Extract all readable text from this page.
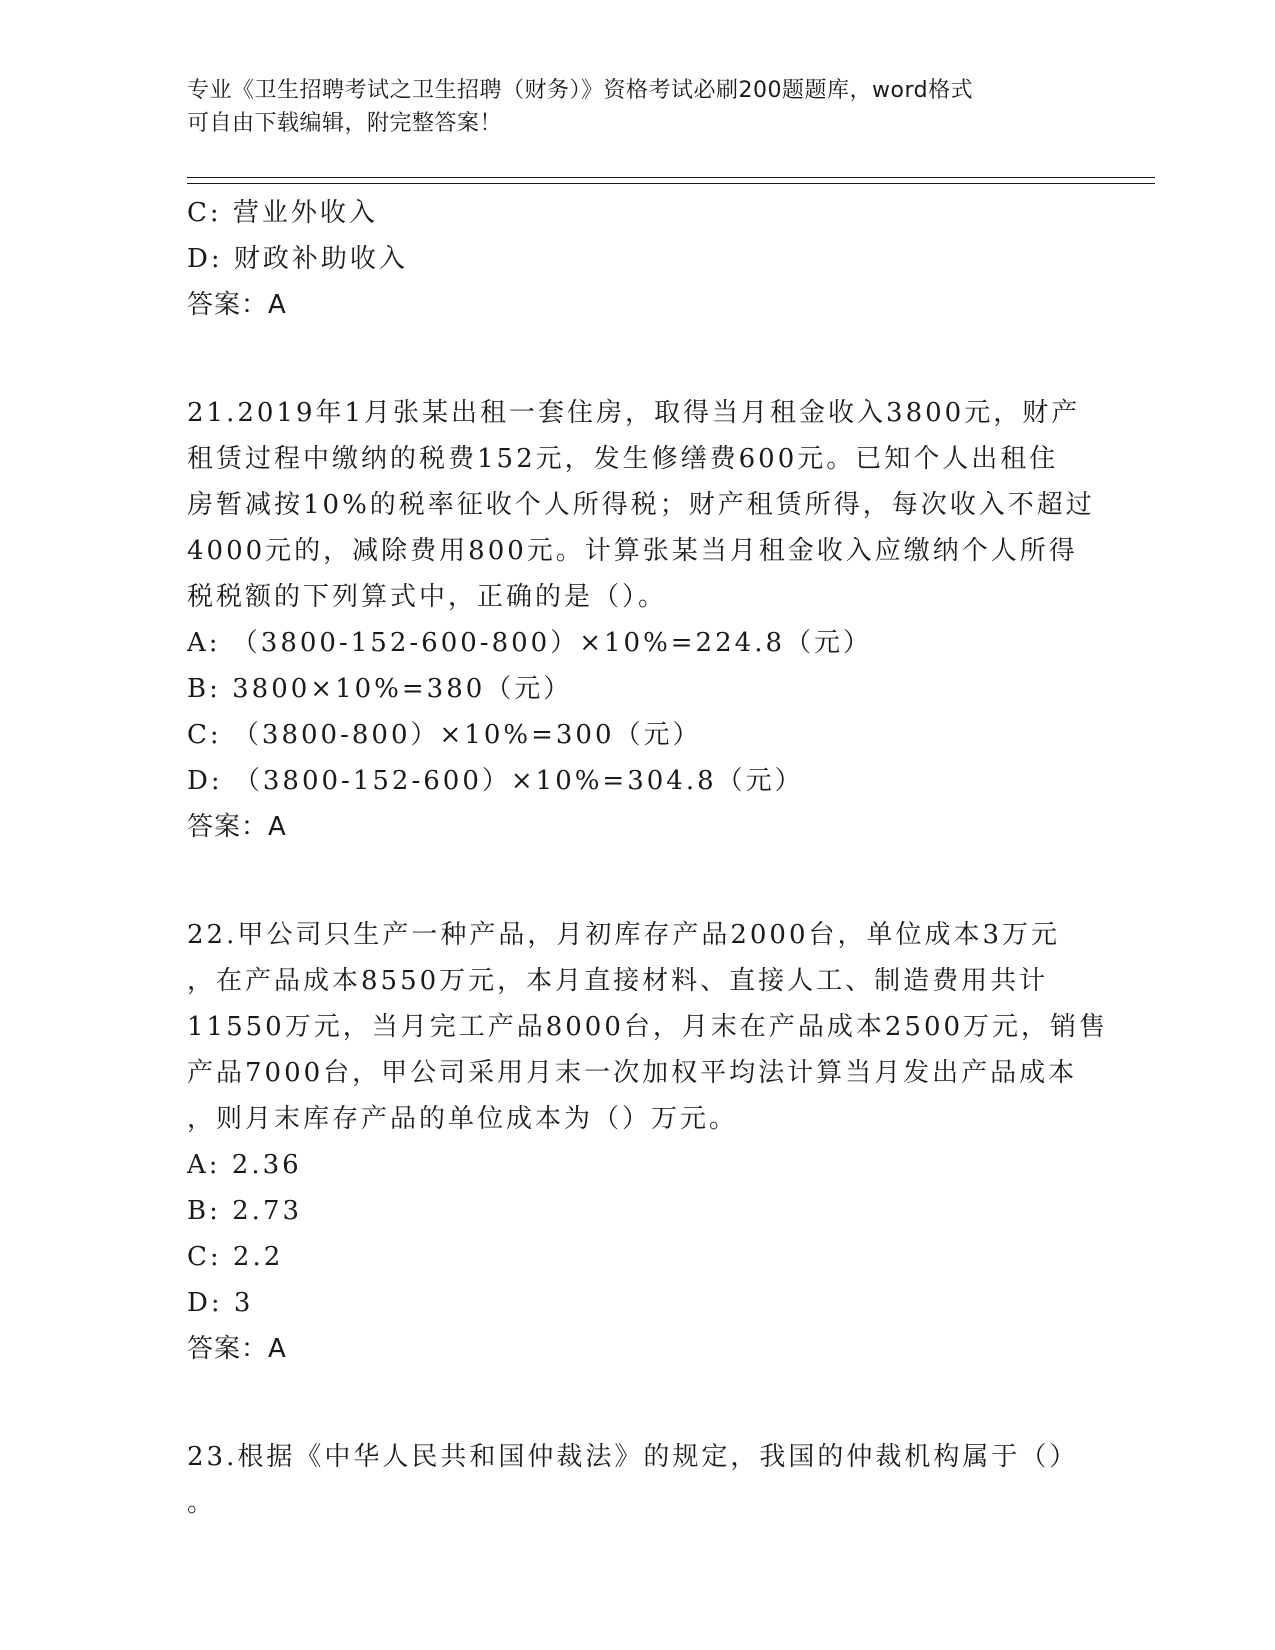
专业《卫生招聘考试之卫生招聘（财务）》资格考试必刷200题题库，word格式
可自由下载编辑，附完整答案！
C: 营业外收入
D: 财政补助收入
答案：A
21.2019年1月张某出租一套住房，取得当月租金收入3800元，财产
租赁过程中缴纳的税费152元，发生修缮费600元。已知个人出租住
房暂减按10%的税率征收个人所得税；财产租赁所得，每次收入不超过
4000元的，减除费用800元。计算张某当月租金收入应缴纳个人所得
税税额的下列算式中，正确的是（）。
A: （3800-152-600-800）×10%=224.8（元）
B: 3800×10%=380（元）
C: （3800-800）×10%=300（元）
D: （3800-152-600）×10%=304.8（元）
答案：A
22.甲公司只生产一种产品，月初库存产品2000台，单位成本3万元
，在产品成本8550万元，本月直接材料、直接人工、制造费用共计
11550万元，当月完工产品8000台，月末在产品成本2500万元，销售
产品7000台，甲公司采用月末一次加权平均法计算当月发出产品成本
，则月末库存产品的单位成本为（）万元。
A: 2.36
B: 2.73
C: 2.2
D: 3
答案：A
23.根据《中华人民共和国仲裁法》的规定，我国的仲裁机构属于（）
。
